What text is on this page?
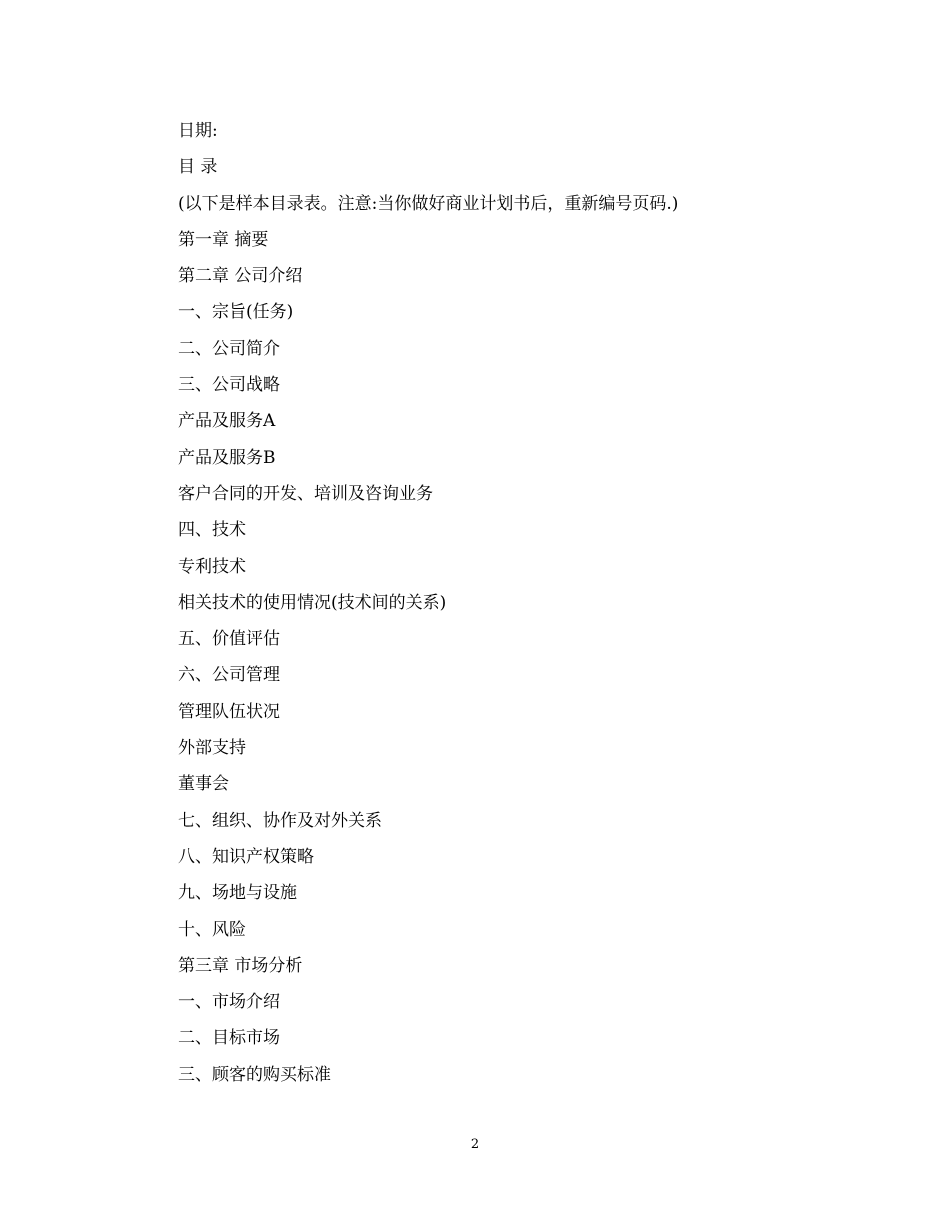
日期:
目 录
(以下是样本目录表。注意:当你做好商业计划书后，重新编号页码.)
第一章 摘要
第二章 公司介绍
一、宗旨(任务)
二、公司简介
三、公司战略
产品及服务A
产品及服务B
客户合同的开发、培训及咨询业务
四、技术
专利技术
相关技术的使用情况(技术间的关系)
五、价值评估
六、公司管理
管理队伍状况
外部支持
董事会
七、组织、协作及对外关系
八、知识产权策略
九、场地与设施
十、风险
第三章 市场分析
一、市场介绍
二、目标市场
三、顾客的购买标准
2
